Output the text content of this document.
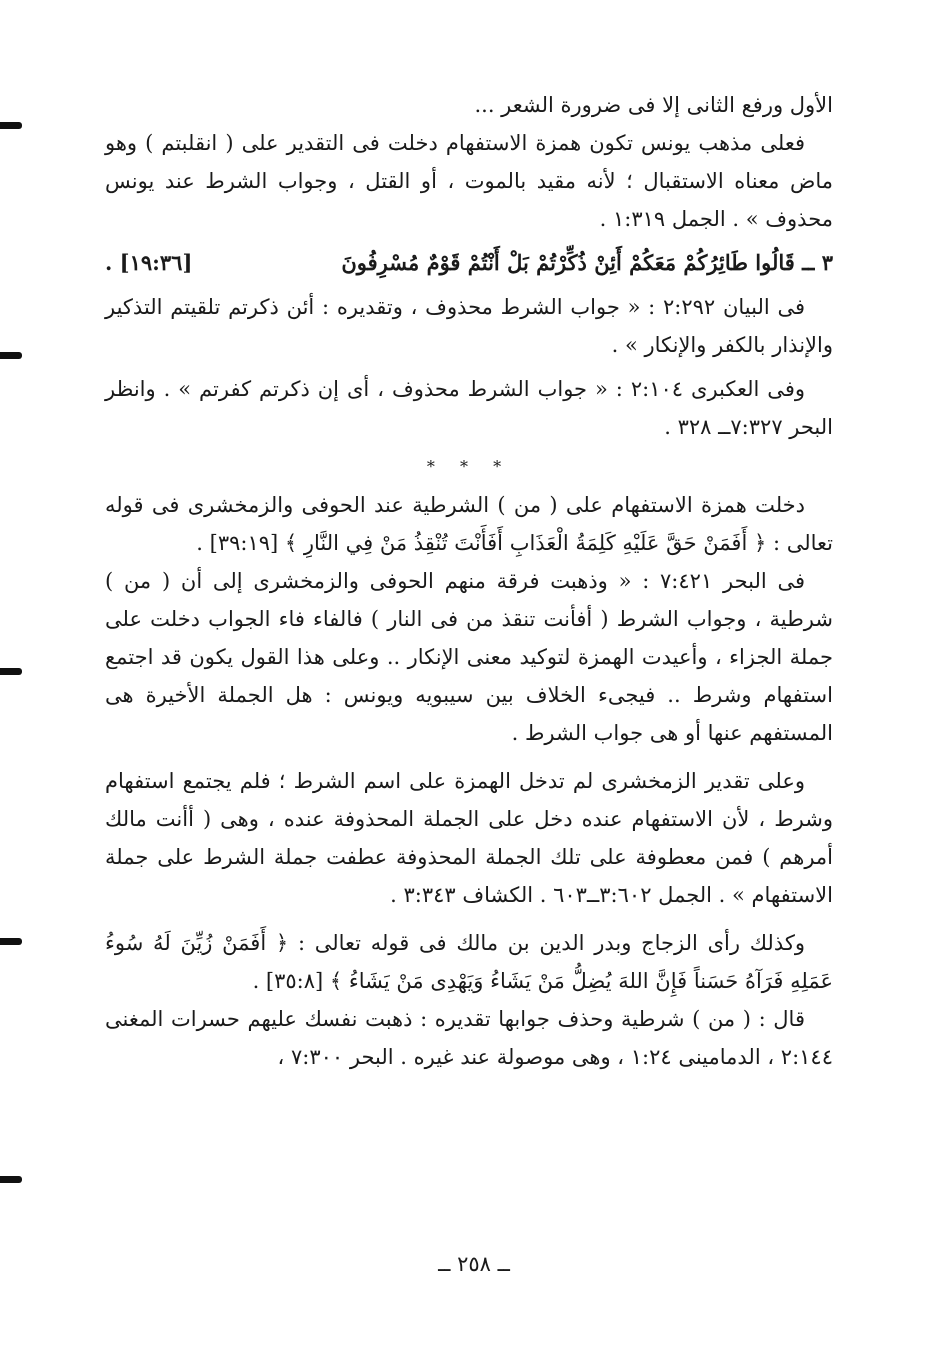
الأول ورفع الثانى إلا فى ضرورة الشعر ...

فعلى مذهب يونس تكون همزة الاستفهام دخلت فى التقدير على ( انقلبتم ) وهو ماض معناه الاستقبال ؛ لأنه مقيد بالموت ، أو القتل ، وجواب الشرط عند يونس محذوف » . الجمل ١:٣١٩ .

٣ ــ قَالُوا طَائِرُكُمْ مَعَكُمْ أَئِنْ ذُكِّرْتُمْ بَلْ أَنْتُمْ قَوْمٌ مُسْرِفُونَ
[١٩:٣٦] .

فى البيان ٢:٢٩٢ : « جواب الشرط محذوف ، وتقديره : أئن ذكرتم تلقيتم التذكير والإنذار بالكفر والإنكار » .

وفى العكبرى ٢:١٠٤ : « جواب الشرط محذوف ، أى إن ذكرتم كفرتم » . وانظر البحر ٧:٣٢٧ــ ٣٢٨ .

* * *

دخلت همزة الاستفهام على ( من ) الشرطية عند الحوفى والزمخشرى فى قوله تعالى : ﴿ أَفَمَنْ حَقَّ عَلَيْهِ كَلِمَةُ الْعَذَابِ أَفَأَنْتَ تُنْقِذُ مَنْ فِي النَّارِ ﴾ [٣٩:١٩] .

فى البحر ٧:٤٢١ : « وذهبت فرقة منهم الحوفى والزمخشرى إلى أن ( من ) شرطية ، وجواب الشرط ( أفأنت تنقذ من فى النار ) فالفاء فاء الجواب دخلت على جملة الجزاء ، وأعيدت الهمزة لتوكيد معنى الإنكار .. وعلى هذا القول يكون قد اجتمع استفهام وشرط .. فيجىء الخلاف بين سيبويه ويونس : هل الجملة الأخيرة هى المستفهم عنها أو هى جواب الشرط .

وعلى تقدير الزمخشرى لم تدخل الهمزة على اسم الشرط ؛ فلم يجتمع استفهام وشرط ، لأن الاستفهام عنده دخل على الجملة المحذوفة عنده ، وهى ( أأنت مالك أمرهم ) فمن معطوفة على تلك الجملة المحذوفة عطفت جملة الشرط على جملة الاستفهام » . الجمل ٣:٦٠٢ــ٦٠٣ . الكشاف ٣:٣٤٣ .

وكذلك رأى الزجاج وبدر الدين بن مالك فى قوله تعالى : ﴿ أَفَمَنْ زُيِّنَ لَهُ سُوءُ عَمَلِهِ فَرَآهُ حَسَناً فَإِنَّ اللهَ يُضِلُّ مَنْ يَشَاءُ وَيَهْدِى مَنْ يَشَاءُ ﴾ [٣٥:٨] .

قال : ( من ) شرطية وحذف جوابها تقديره : ذهبت نفسك عليهم حسرات المغنى ٢:١٤٤ ، الدمامينى ١:٢٤ ، وهى موصولة عند غيره . البحر ٧:٣٠٠ ،

ــ ٢٥٨ ــ
